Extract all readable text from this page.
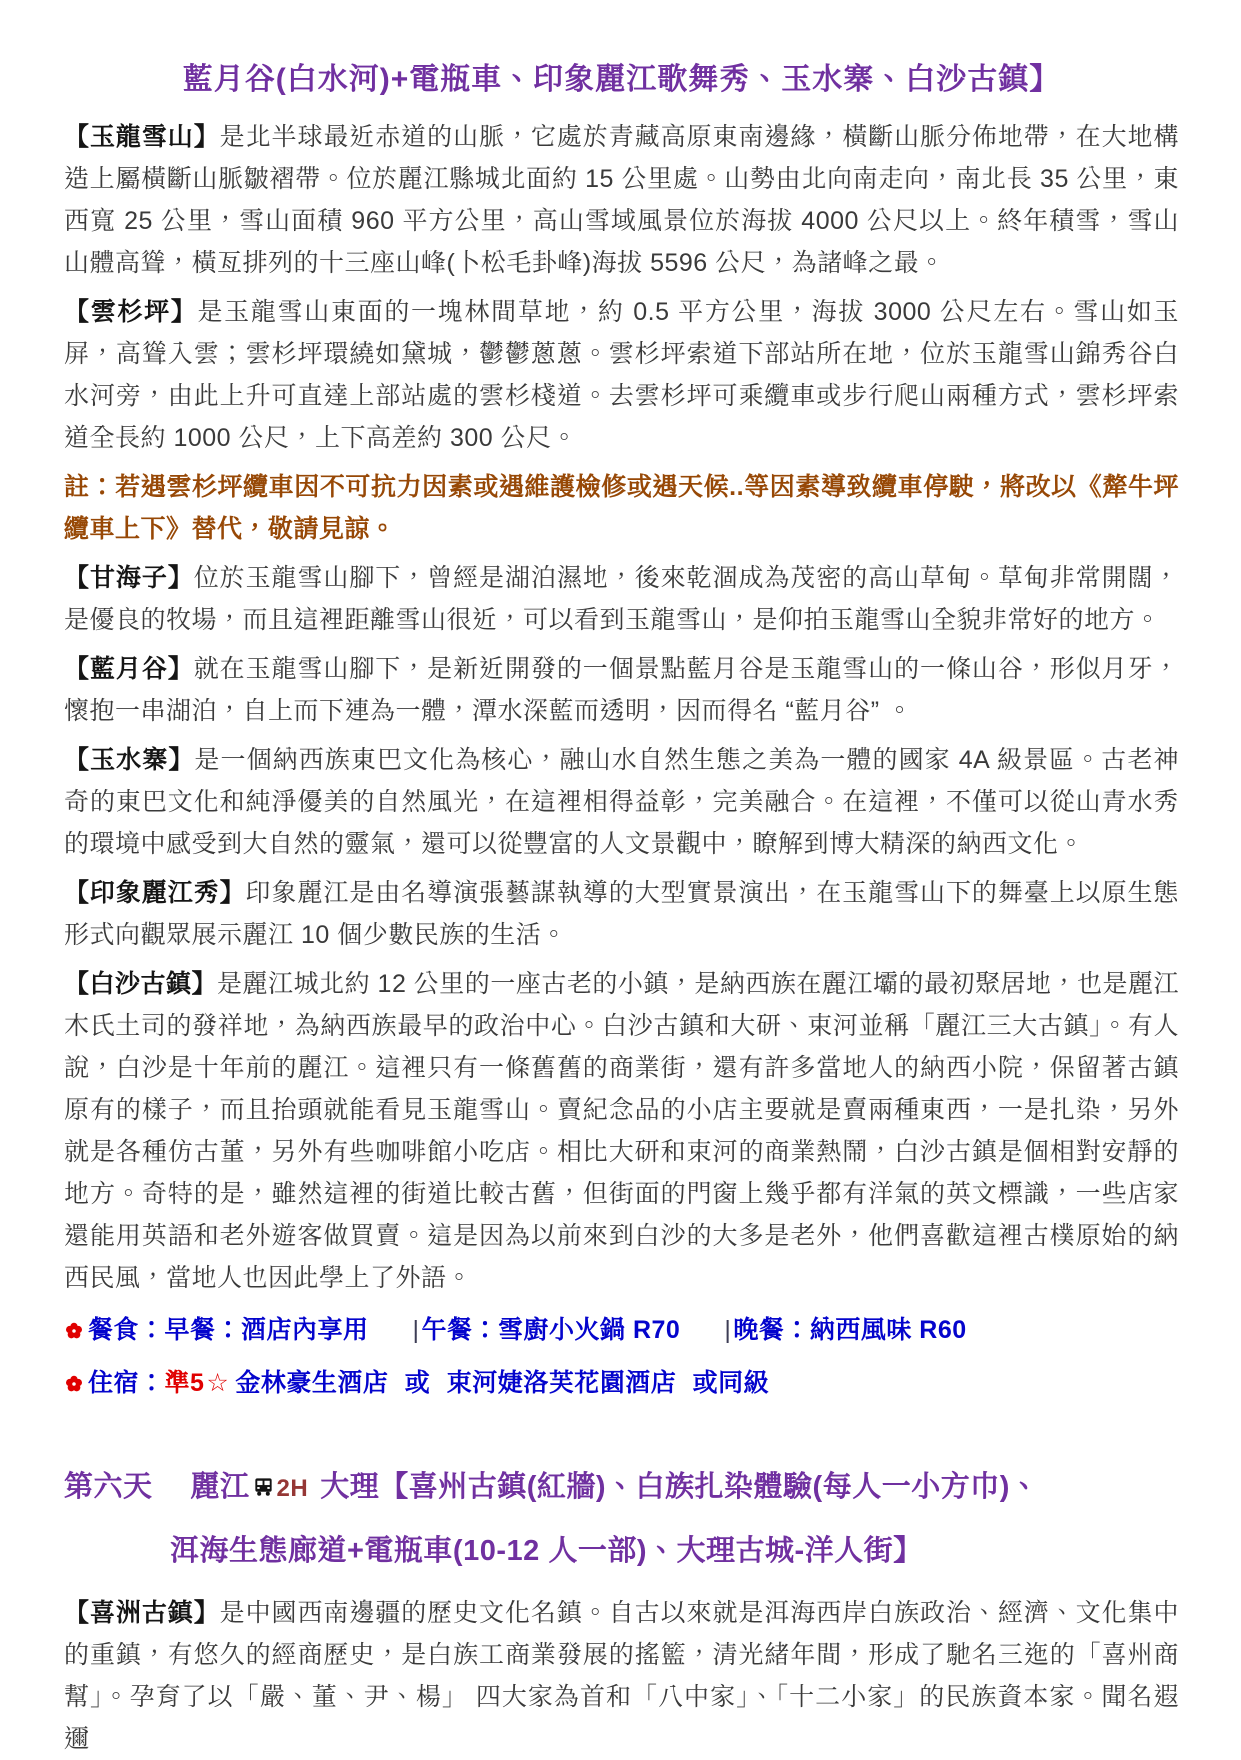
藍月谷(白水河)+電瓶車、印象麗江歌舞秀、玉水寨、白沙古鎮】

【玉龍雪山】是北半球最近赤道的山脈，它處於青藏高原東南邊緣，橫斷山脈分佈地帶，在大地構造上屬橫斷山脈皺褶帶。位於麗江縣城北面約 15 公里處。山勢由北向南走向，南北長 35 公里，東西寬 25 公里，雪山面積 960 平方公里，高山雪域風景位於海拔 4000 公尺以上。終年積雪，雪山山體高聳，橫亙排列的十三座山峰(卜松毛卦峰)海拔 5596 公尺，為諸峰之最。

【雲杉坪】是玉龍雪山東面的一塊林間草地，約 0.5 平方公里，海拔 3000 公尺左右。雪山如玉屏，高聳入雲；雲杉坪環繞如黛城，鬱鬱蔥蔥。雲杉坪索道下部站所在地，位於玉龍雪山錦秀谷白水河旁，由此上升可直達上部站處的雲杉棧道。去雲杉坪可乘纜車或步行爬山兩種方式，雲杉坪索道全長約 1000 公尺，上下高差約 300 公尺。

註：若遇雲杉坪纜車因不可抗力因素或遇維護檢修或遇天候..等因素導致纜車停駛，將改以《犛牛坪纜車上下》替代，敬請見諒。

【甘海子】位於玉龍雪山腳下，曾經是湖泊濕地，後來乾涸成為茂密的高山草甸。草甸非常開闊，是優良的牧場，而且這裡距離雪山很近，可以看到玉龍雪山，是仰拍玉龍雪山全貌非常好的地方。

【藍月谷】就在玉龍雪山腳下，是新近開發的一個景點藍月谷是玉龍雪山的一條山谷，形似月牙，懷抱一串湖泊，自上而下連為一體，潭水深藍而透明，因而得名 “藍月谷” 。

【玉水寨】是一個納西族東巴文化為核心，融山水自然生態之美為一體的國家 4A 級景區。古老神奇的東巴文化和純淨優美的自然風光，在這裡相得益彰，完美融合。在這裡，不僅可以從山青水秀的環境中感受到大自然的靈氣，還可以從豐富的人文景觀中，瞭解到博大精深的納西文化。

【印象麗江秀】印象麗江是由名導演張藝謀執導的大型實景演出，在玉龍雪山下的舞臺上以原生態形式向觀眾展示麗江 10 個少數民族的生活。

【白沙古鎮】是麗江城北約 12 公里的一座古老的小鎮，是納西族在麗江壩的最初聚居地，也是麗江木氏土司的發祥地，為納西族最早的政治中心。白沙古鎮和大研、束河並稱「麗江三大古鎮」。有人說，白沙是十年前的麗江。這裡只有一條舊舊的商業街，還有許多當地人的納西小院，保留著古鎮原有的樣子，而且抬頭就能看見玉龍雪山。賣紀念品的小店主要就是賣兩種東西，一是扎染，另外就是各種仿古董，另外有些咖啡館小吃店。相比大研和束河的商業熱鬧，白沙古鎮是個相對安靜的地方。奇特的是，雖然這裡的街道比較古舊，但街面的門窗上幾乎都有洋氣的英文標識，一些店家還能用英語和老外遊客做買賣。這是因為以前來到白沙的大多是老外，他們喜歡這裡古樸原始的納西民風，當地人也因此學上了外語。

餐食：早餐：酒店內享用 |午餐：雪廚小火鍋 R70 |晚餐：納西風味 R60
住宿：準5☆ 金林豪生酒店 或 束河婕洛芙花園酒店 或同級
第六天 麗江 2H 大理【喜州古鎮(紅牆)、白族扎染體驗(每人一小方巾)、
洱海生態廊道+電瓶車(10-12 人一部)、大理古城-洋人街】

【喜洲古鎮】是中國西南邊疆的歷史文化名鎮。自古以來就是洱海西岸白族政治、經濟、文化集中的重鎮，有悠久的經商歷史，是白族工商業發展的搖籃，清光緒年間，形成了馳名三迤的「喜州商幫」。孕育了以「嚴、董、尹、楊」 四大家為首和「八中家」、「十二小家」的民族資本家。聞名遐邇
